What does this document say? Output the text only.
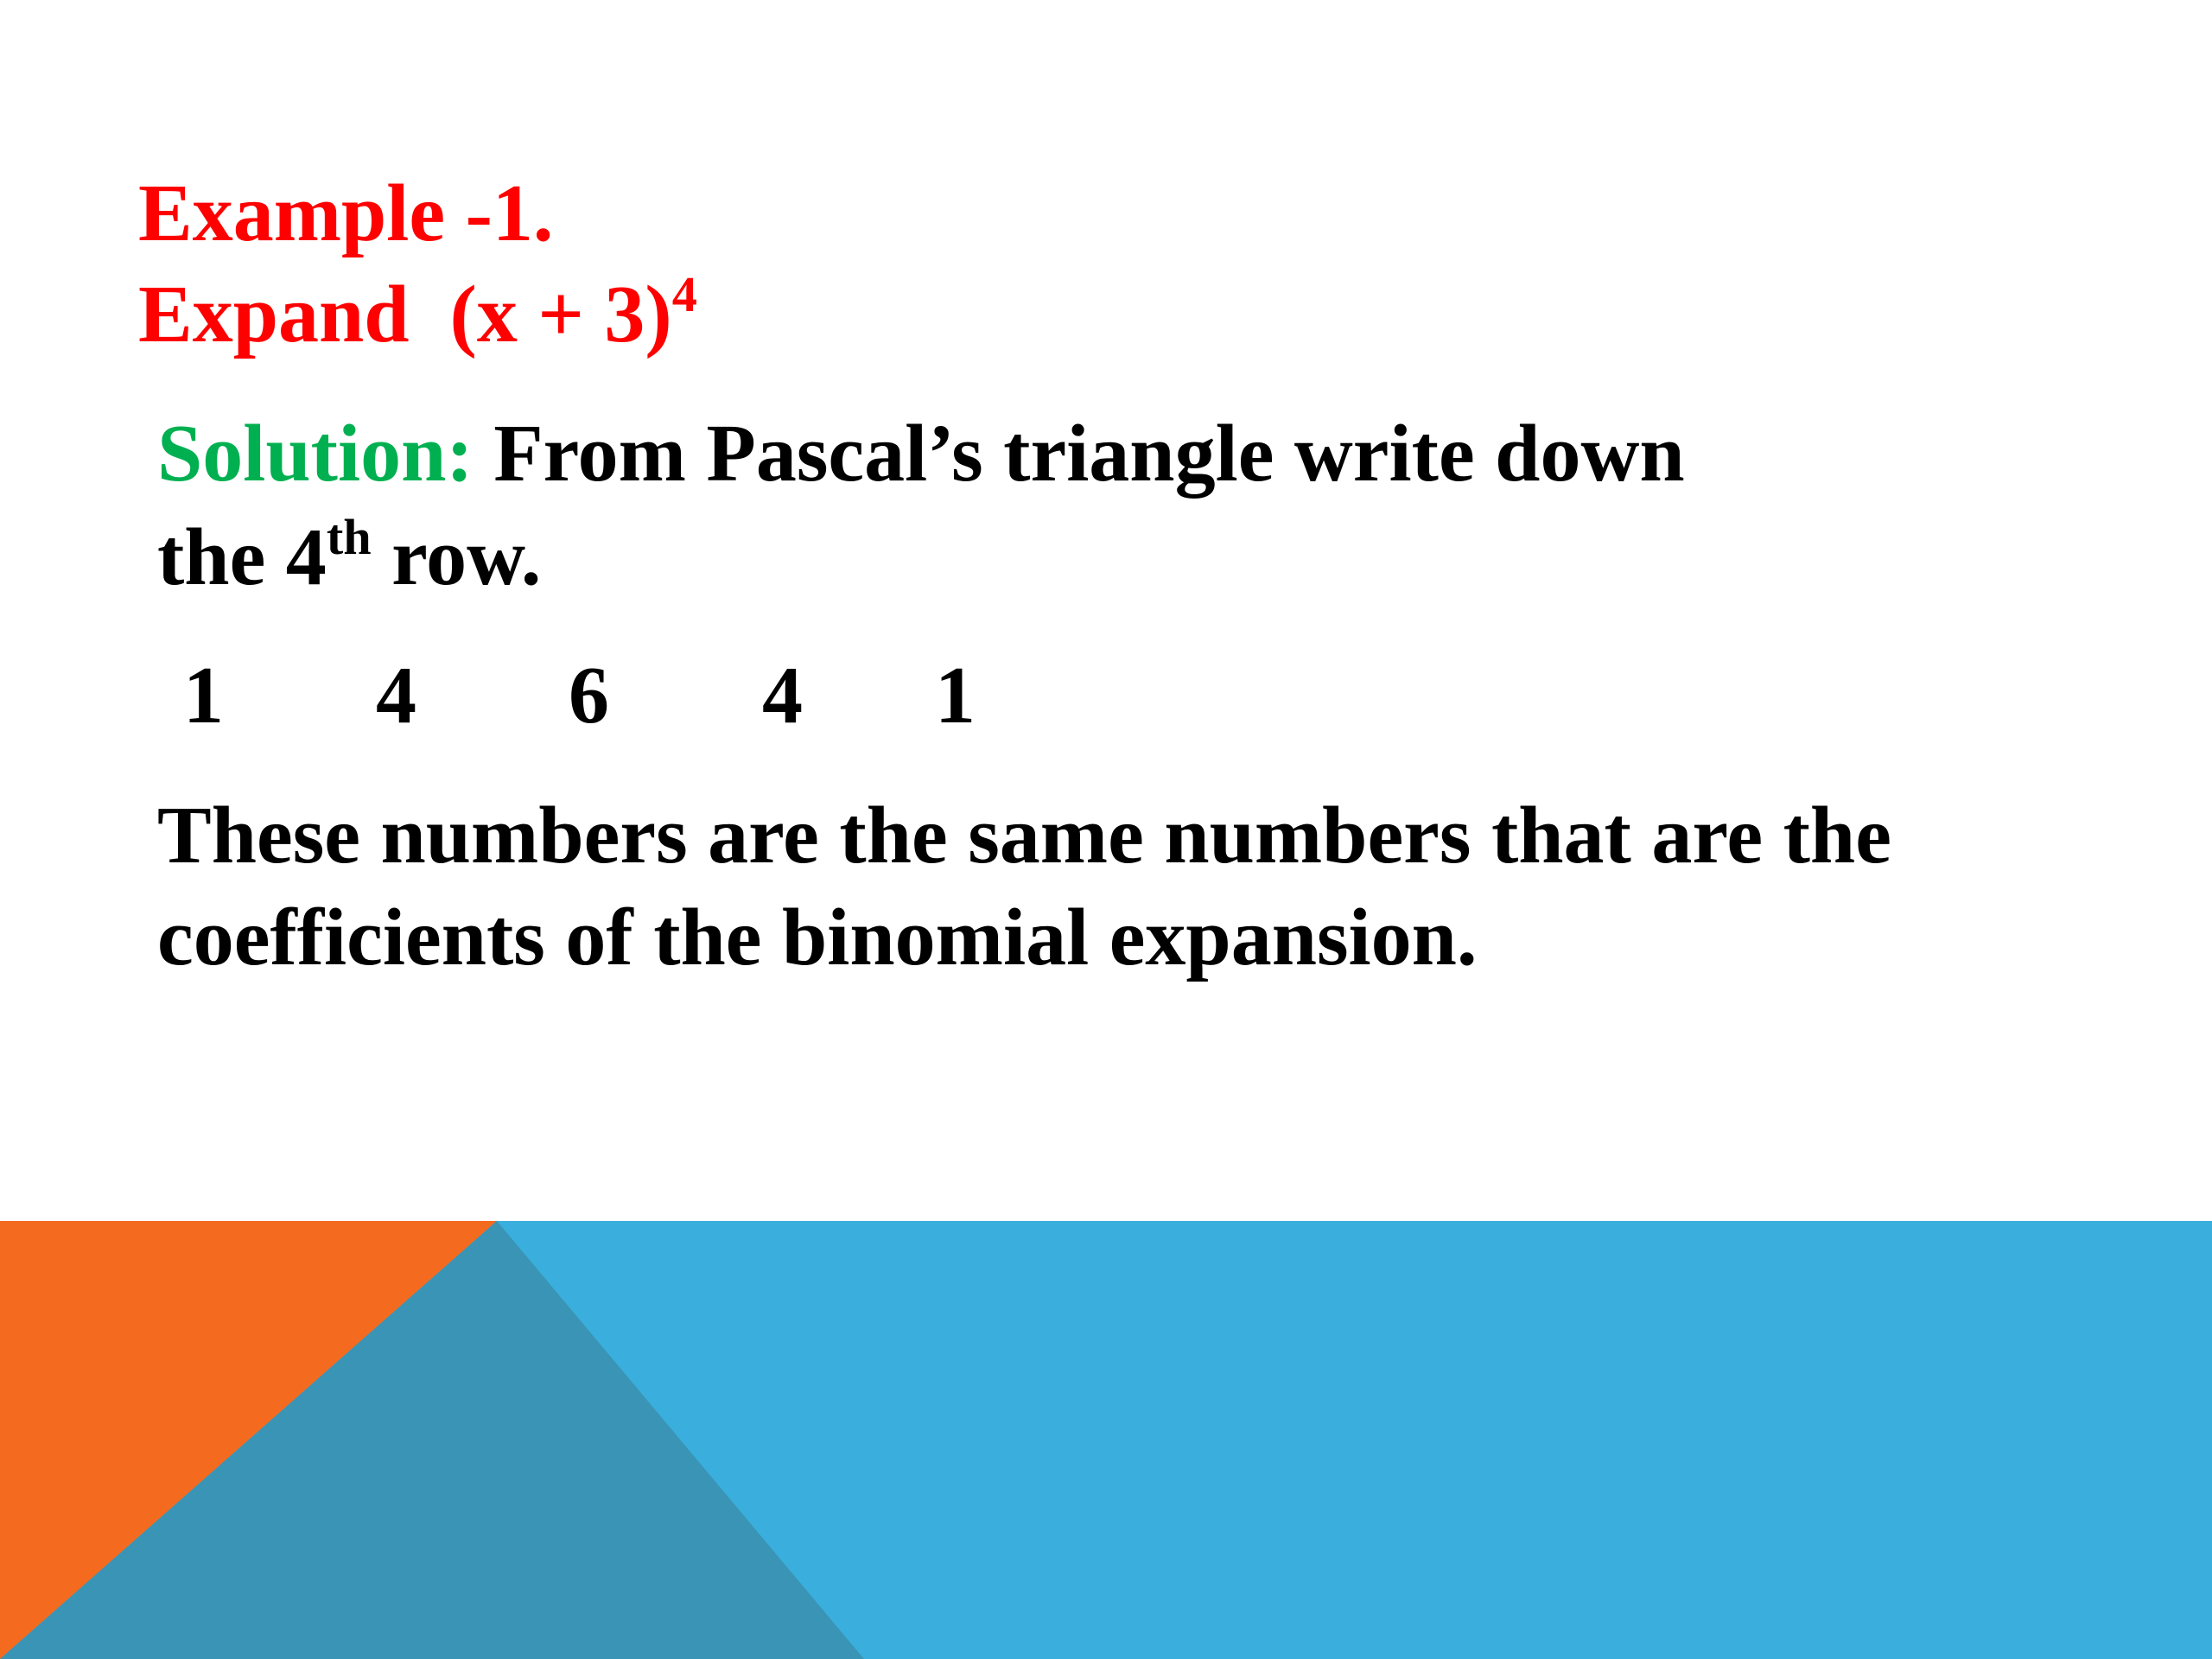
Example -1.
Expand  $(x + 3)^4$
Solution: From Pascal’s triangle write down
the 4th row.
1 4 6 4 1
These numbers are the same numbers that are the
coefficients of the binomial expansion.
